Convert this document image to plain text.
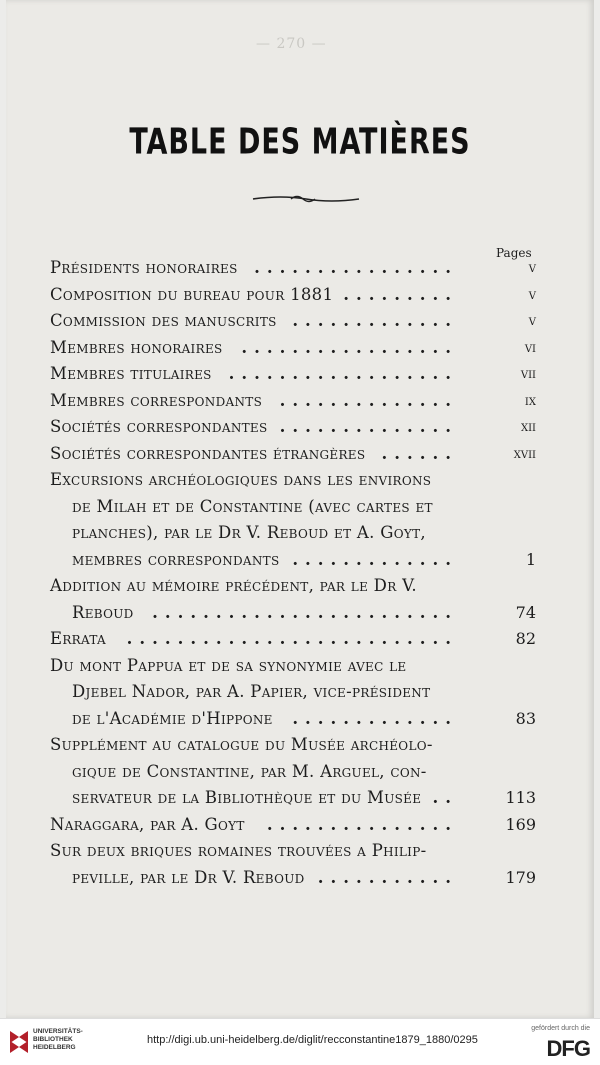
— 270 —
TABLE DES MATIÈRES
Pages
Présidents honoraires ................	v
Composition du bureau pour 1881 .........	v
Commission des manuscrits .............	v
Membres honoraires .................	vi
Membres titulaires ..................	vii
Membres correspondants ..............	ix
Sociétés correspondantes ..............	xii
Sociétés correspondantes étrangères ......	xvii
Excursions archéologiques dans les environs
de Milah et de Constantine (avec cartes et
planches), par le Dr V. Reboud et A. Goyt,
membres correspondants .............	1
Addition au mémoire précédent, par le Dr V.
Reboud ........................	74
Errata ..........................	82
Du mont Pappua et de sa synonymie avec le
Djebel Nador, par A. Papier, vice-président
de l'Académie d'Hippone .............	83
Supplément au catalogue du Musée archéolo-
gique de Constantine, par M. Arguel, con-
servateur de la Bibliothèque et du Musée ..	113
Naraggara, par A. Goyt ...............	169
Sur deux briques romaines trouvées a Philip-
peville, par le Dr V. Reboud ...........	179
UNIVERSITÄTS-
BIBLIOTHEK
HEIDELBERG
http://digi.ub.uni-heidelberg.de/diglit/recconstantine1879_1880/0295
gefördert durch die
DFG
